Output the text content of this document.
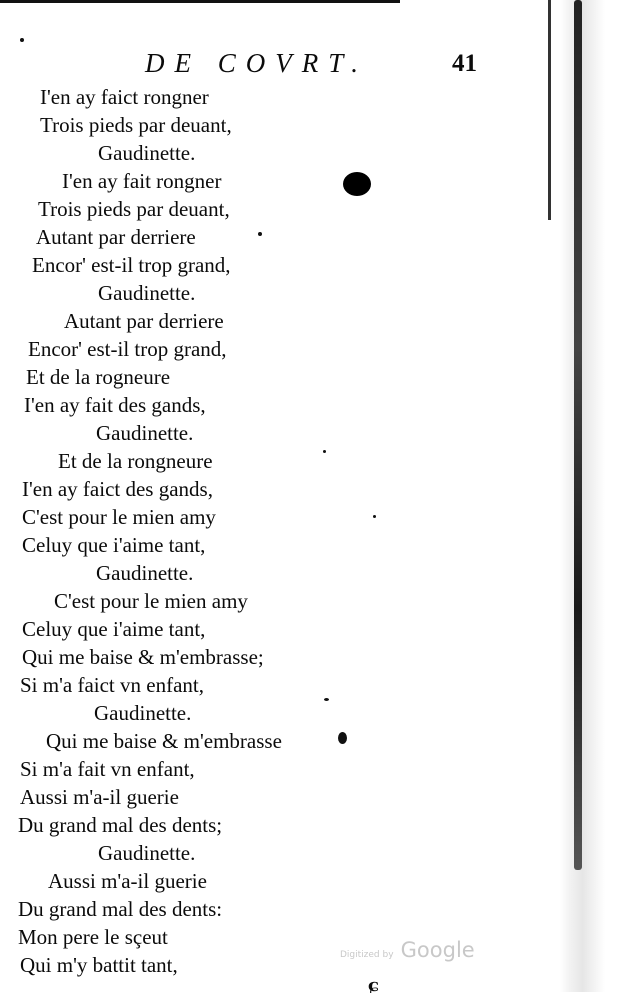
DE COVRT.	41
I'en ay faict rongner
Trois pieds par deuant,
Gaudinette.
I'en ay fait rongner
Trois pieds par deuant,
Autant par derriere
Encor' est-il trop grand,
Gaudinette.
Autant par derriere
Encor' est-il trop grand,
Et de la rogneure
I'en ay fait des gands,
Gaudinette.
Et de la rongneure
I'en ay faict des gands,
C'est pour le mien amy
Celuy que i'aime tant,
Gaudinette.
C'est pour le mien amy
Celuy que i'aime tant,
Qui me baise & m'embrasse;
Si m'a faict vn enfant,
Gaudinette.
Qui me baise & m'embrasse
Si m'a fait vn enfant,
Aussi m'a-il guerie
Du grand mal des dents;
Gaudinette.
Aussi m'a-il guerie
Du grand mal des dents:
Mon pere le sçeut
Qui m'y battit tant,	Digitized by Google
ɕ
